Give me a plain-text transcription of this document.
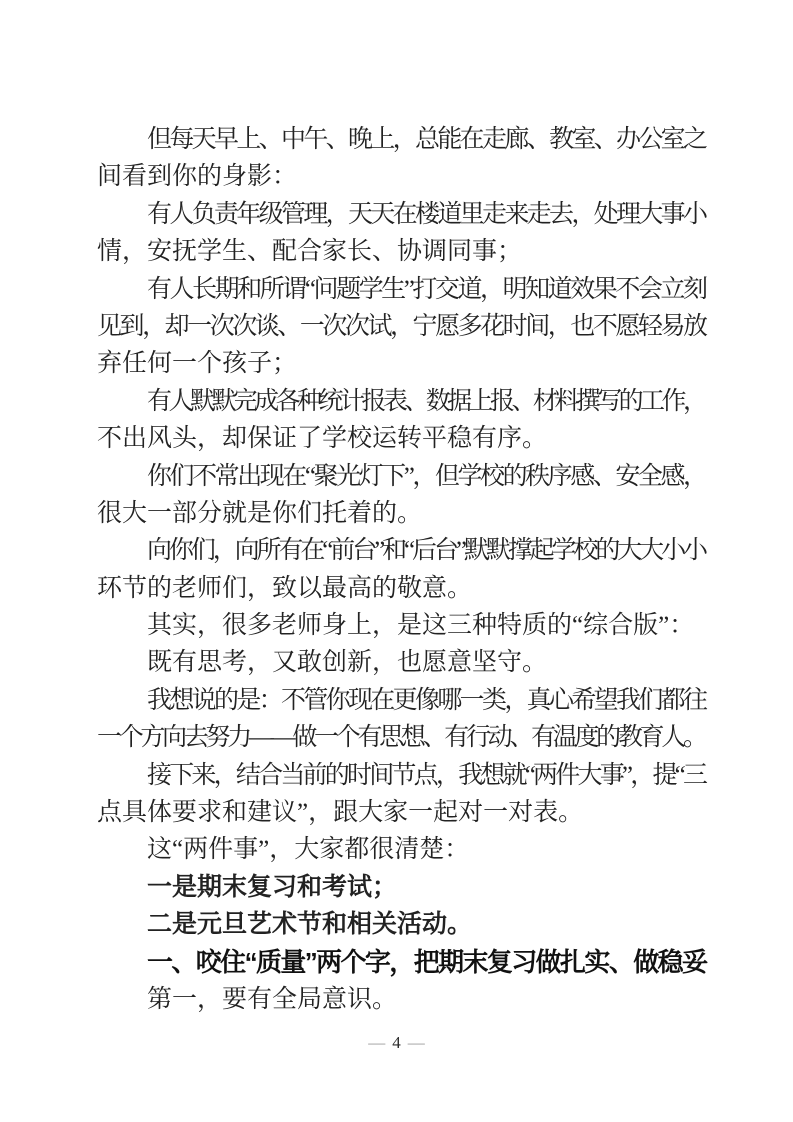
但每天早上、中午、晚上，总能在走廊、教室、办公室之
间看到你的身影：
有人负责年级管理，天天在楼道里走来走去，处理大事小
情，安抚学生、配合家长、协调同事；
有人长期和所谓“问题学生”打交道，明知道效果不会立刻
见到，却一次次谈、一次次试，宁愿多花时间，也不愿轻易放
弃任何一个孩子；
有人默默完成各种统计报表、数据上报、材料撰写的工作，
不出风头，却保证了学校运转平稳有序。
你们不常出现在“聚光灯下”，但学校的秩序感、安全感，
很大一部分就是你们托着的。
向你们，向所有在“前台”和“后台”默默撑起学校的大大小小
环节的老师们，致以最高的敬意。
其实，很多老师身上，是这三种特质的“综合版”：
既有思考，又敢创新，也愿意坚守。
我想说的是：不管你现在更像哪一类，真心希望我们都往
一个方向去努力——做一个有思想、有行动、有温度的教育人。
接下来，结合当前的时间节点，我想就“两件大事”，提“三
点具体要求和建议”，跟大家一起对一对表。
这“两件事”，大家都很清楚：
一是期末复习和考试；
二是元旦艺术节和相关活动。
一、咬住“质量”两个字，把期末复习做扎实、做稳妥
第一，要有全局意识。
— 4 —
